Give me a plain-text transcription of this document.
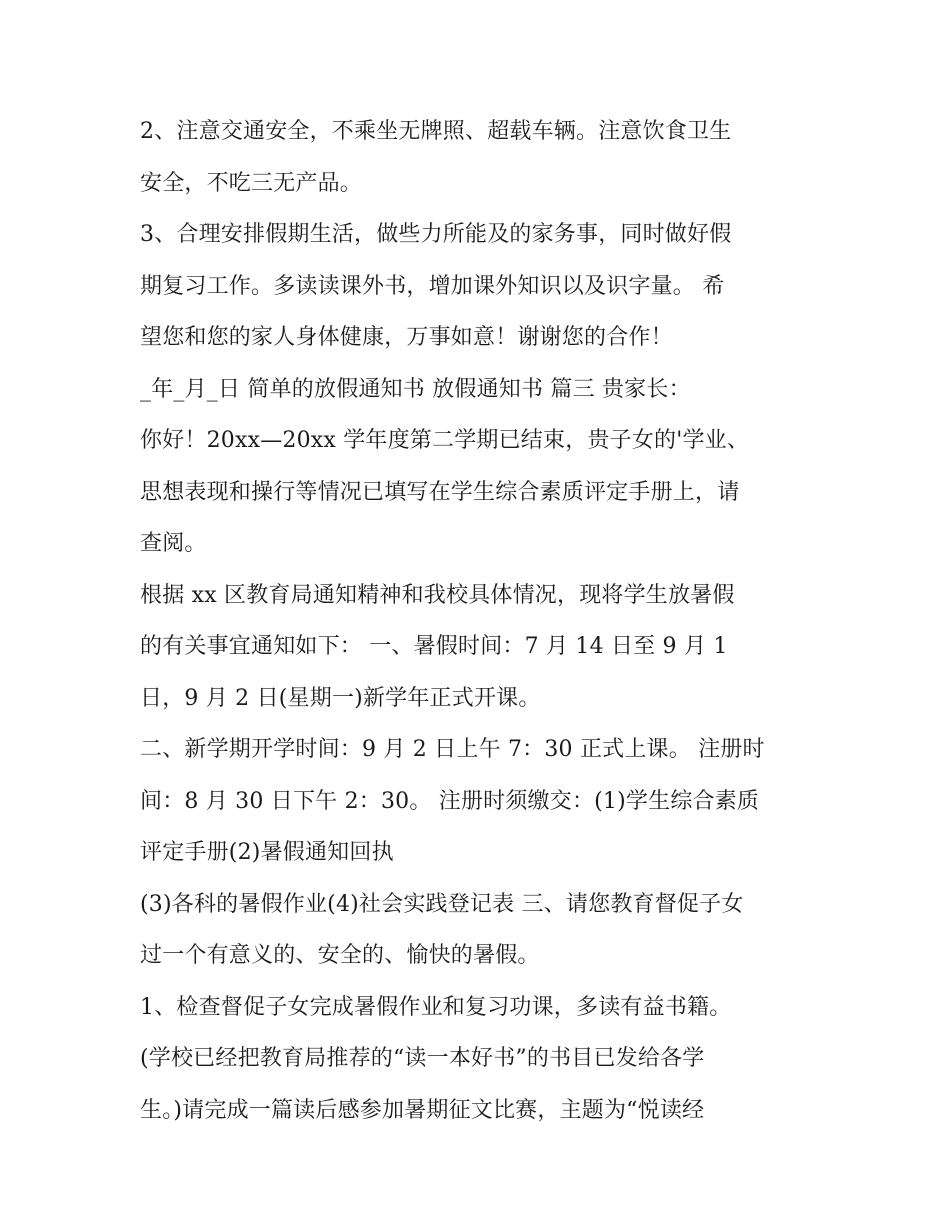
2、注意交通安全，不乘坐无牌照、超载车辆。注意饮食卫生
安全，不吃三无产品。
3、合理安排假期生活，做些力所能及的家务事，同时做好假
期复习工作。多读读课外书，增加课外知识以及识字量。 希
望您和您的家人身体健康，万事如意！谢谢您的合作！
_年_月_日 简单的放假通知书 放假通知书 篇三 贵家长：
你好！20xx—20xx 学年度第二学期已结束，贵子女的'学业、
思想表现和操行等情况已填写在学生综合素质评定手册上，请
查阅。
根据 xx 区教育局通知精神和我校具体情况，现将学生放暑假
的有关事宜通知如下： 一、暑假时间：7 月 14 日至 9 月 1
日，9 月 2 日(星期一)新学年正式开课。
二、新学期开学时间：9 月 2 日上午 7：30 正式上课。 注册时
间：8 月 30 日下午 2：30。 注册时须缴交：(1)学生综合素质
评定手册(2)暑假通知回执
(3)各科的暑假作业(4)社会实践登记表 三、请您教育督促子女
过一个有意义的、安全的、愉快的暑假。
1、检查督促子女完成暑假作业和复习功课，多读有益书籍。
(学校已经把教育局推荐的“读一本好书”的书目已发给各学
生。)请完成一篇读后感参加暑期征文比赛，主题为“悦读经
